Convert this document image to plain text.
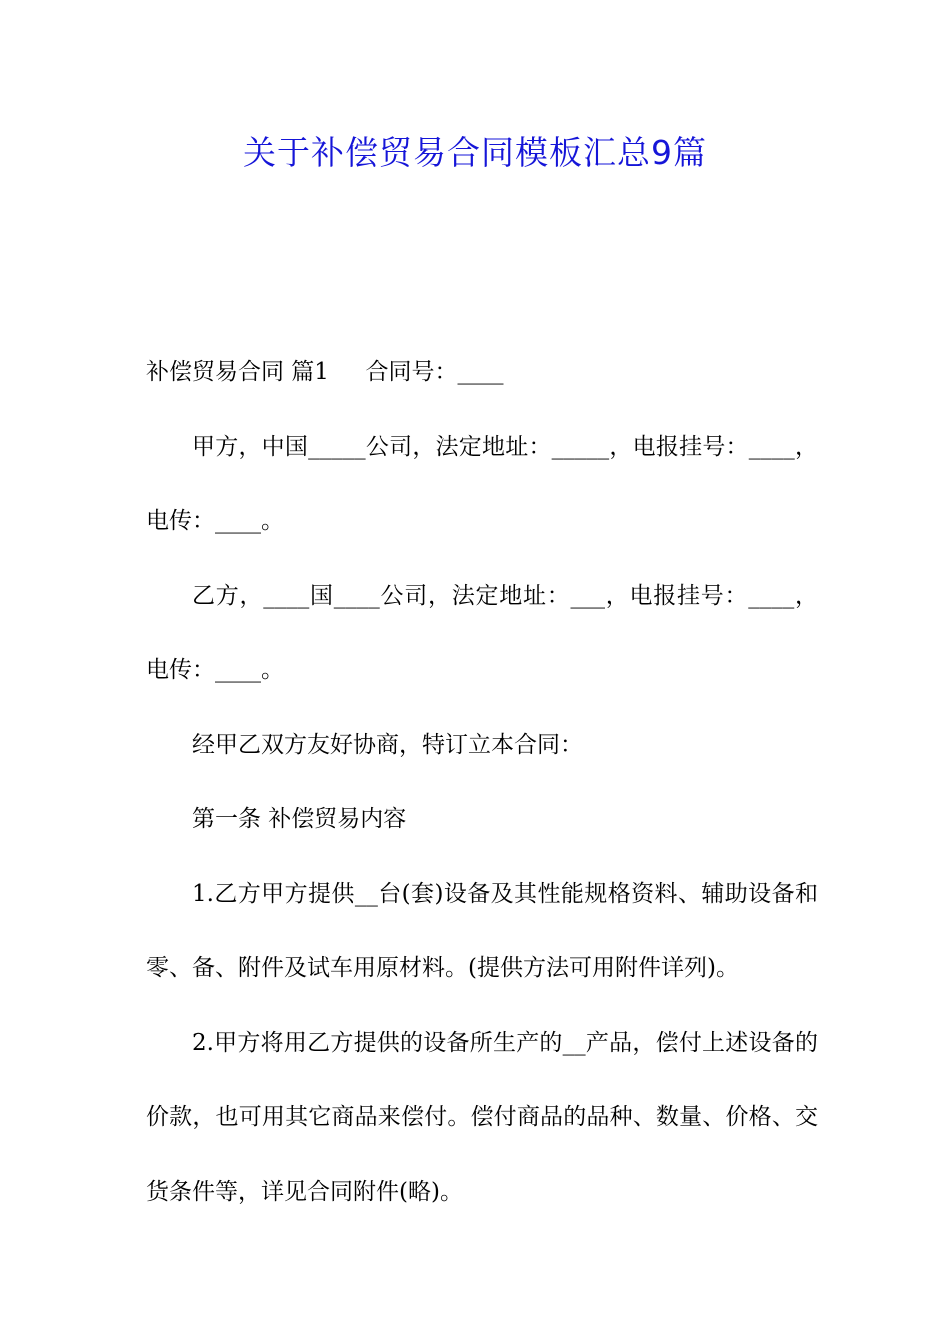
关于补偿贸易合同模板汇总9篇

补偿贸易合同 篇1     合同号：____

甲方，中国_____公司，法定地址：_____，电报挂号：____，电传：____。

乙方，____国____公司，法定地址：___，电报挂号：____，电传：____。

经甲乙双方友好协商，特订立本合同：

第一条 补偿贸易内容

1.乙方甲方提供__台(套)设备及其性能规格资料、辅助设备和零、备、附件及试车用原材料。(提供方法可用附件详列)。

2.甲方将用乙方提供的设备所生产的__产品，偿付上述设备的价款，也可用其它商品来偿付。偿付商品的品种、数量、价格、交货条件等，详见合同附件(略)。
